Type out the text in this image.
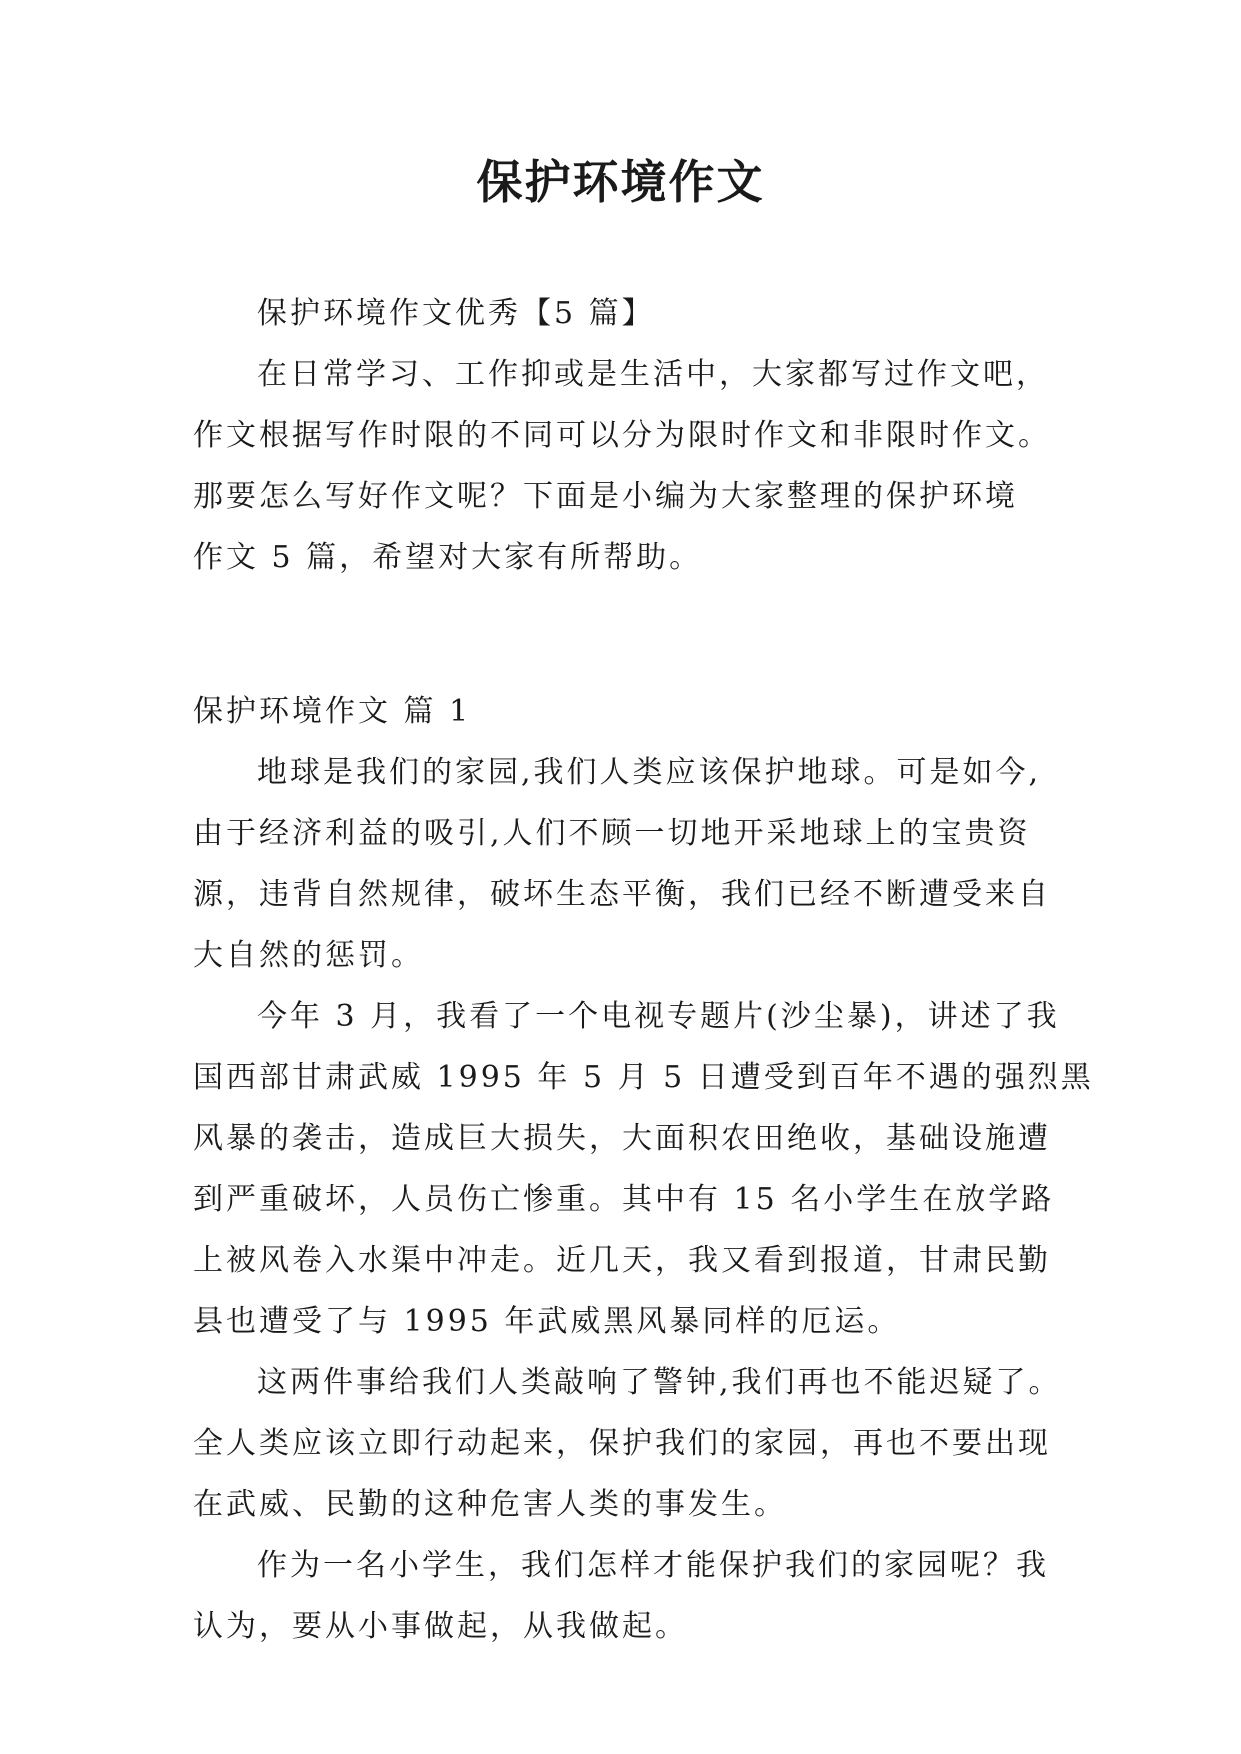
保护环境作文

保护环境作文优秀【5 篇】

在日常学习、工作抑或是生活中，大家都写过作文吧，

作文根据写作时限的不同可以分为限时作文和非限时作文。

那要怎么写好作文呢？下面是小编为大家整理的保护环境

作文 5 篇，希望对大家有所帮助。

保护环境作文 篇 1

地球是我们的家园,我们人类应该保护地球。可是如今,

由于经济利益的吸引,人们不顾一切地开采地球上的宝贵资

源，违背自然规律，破坏生态平衡，我们已经不断遭受来自

大自然的惩罚。

今年 3 月，我看了一个电视专题片(沙尘暴)，讲述了我

国西部甘肃武威 1995 年 5 月 5 日遭受到百年不遇的强烈黑

风暴的袭击，造成巨大损失，大面积农田绝收，基础设施遭

到严重破坏，人员伤亡惨重。其中有 15 名小学生在放学路

上被风卷入水渠中冲走。近几天，我又看到报道，甘肃民勤

县也遭受了与 1995 年武威黑风暴同样的厄运。

这两件事给我们人类敲响了警钟,我们再也不能迟疑了。

全人类应该立即行动起来，保护我们的家园，再也不要出现

在武威、民勤的这种危害人类的事发生。

作为一名小学生，我们怎样才能保护我们的家园呢？我

认为，要从小事做起，从我做起。
